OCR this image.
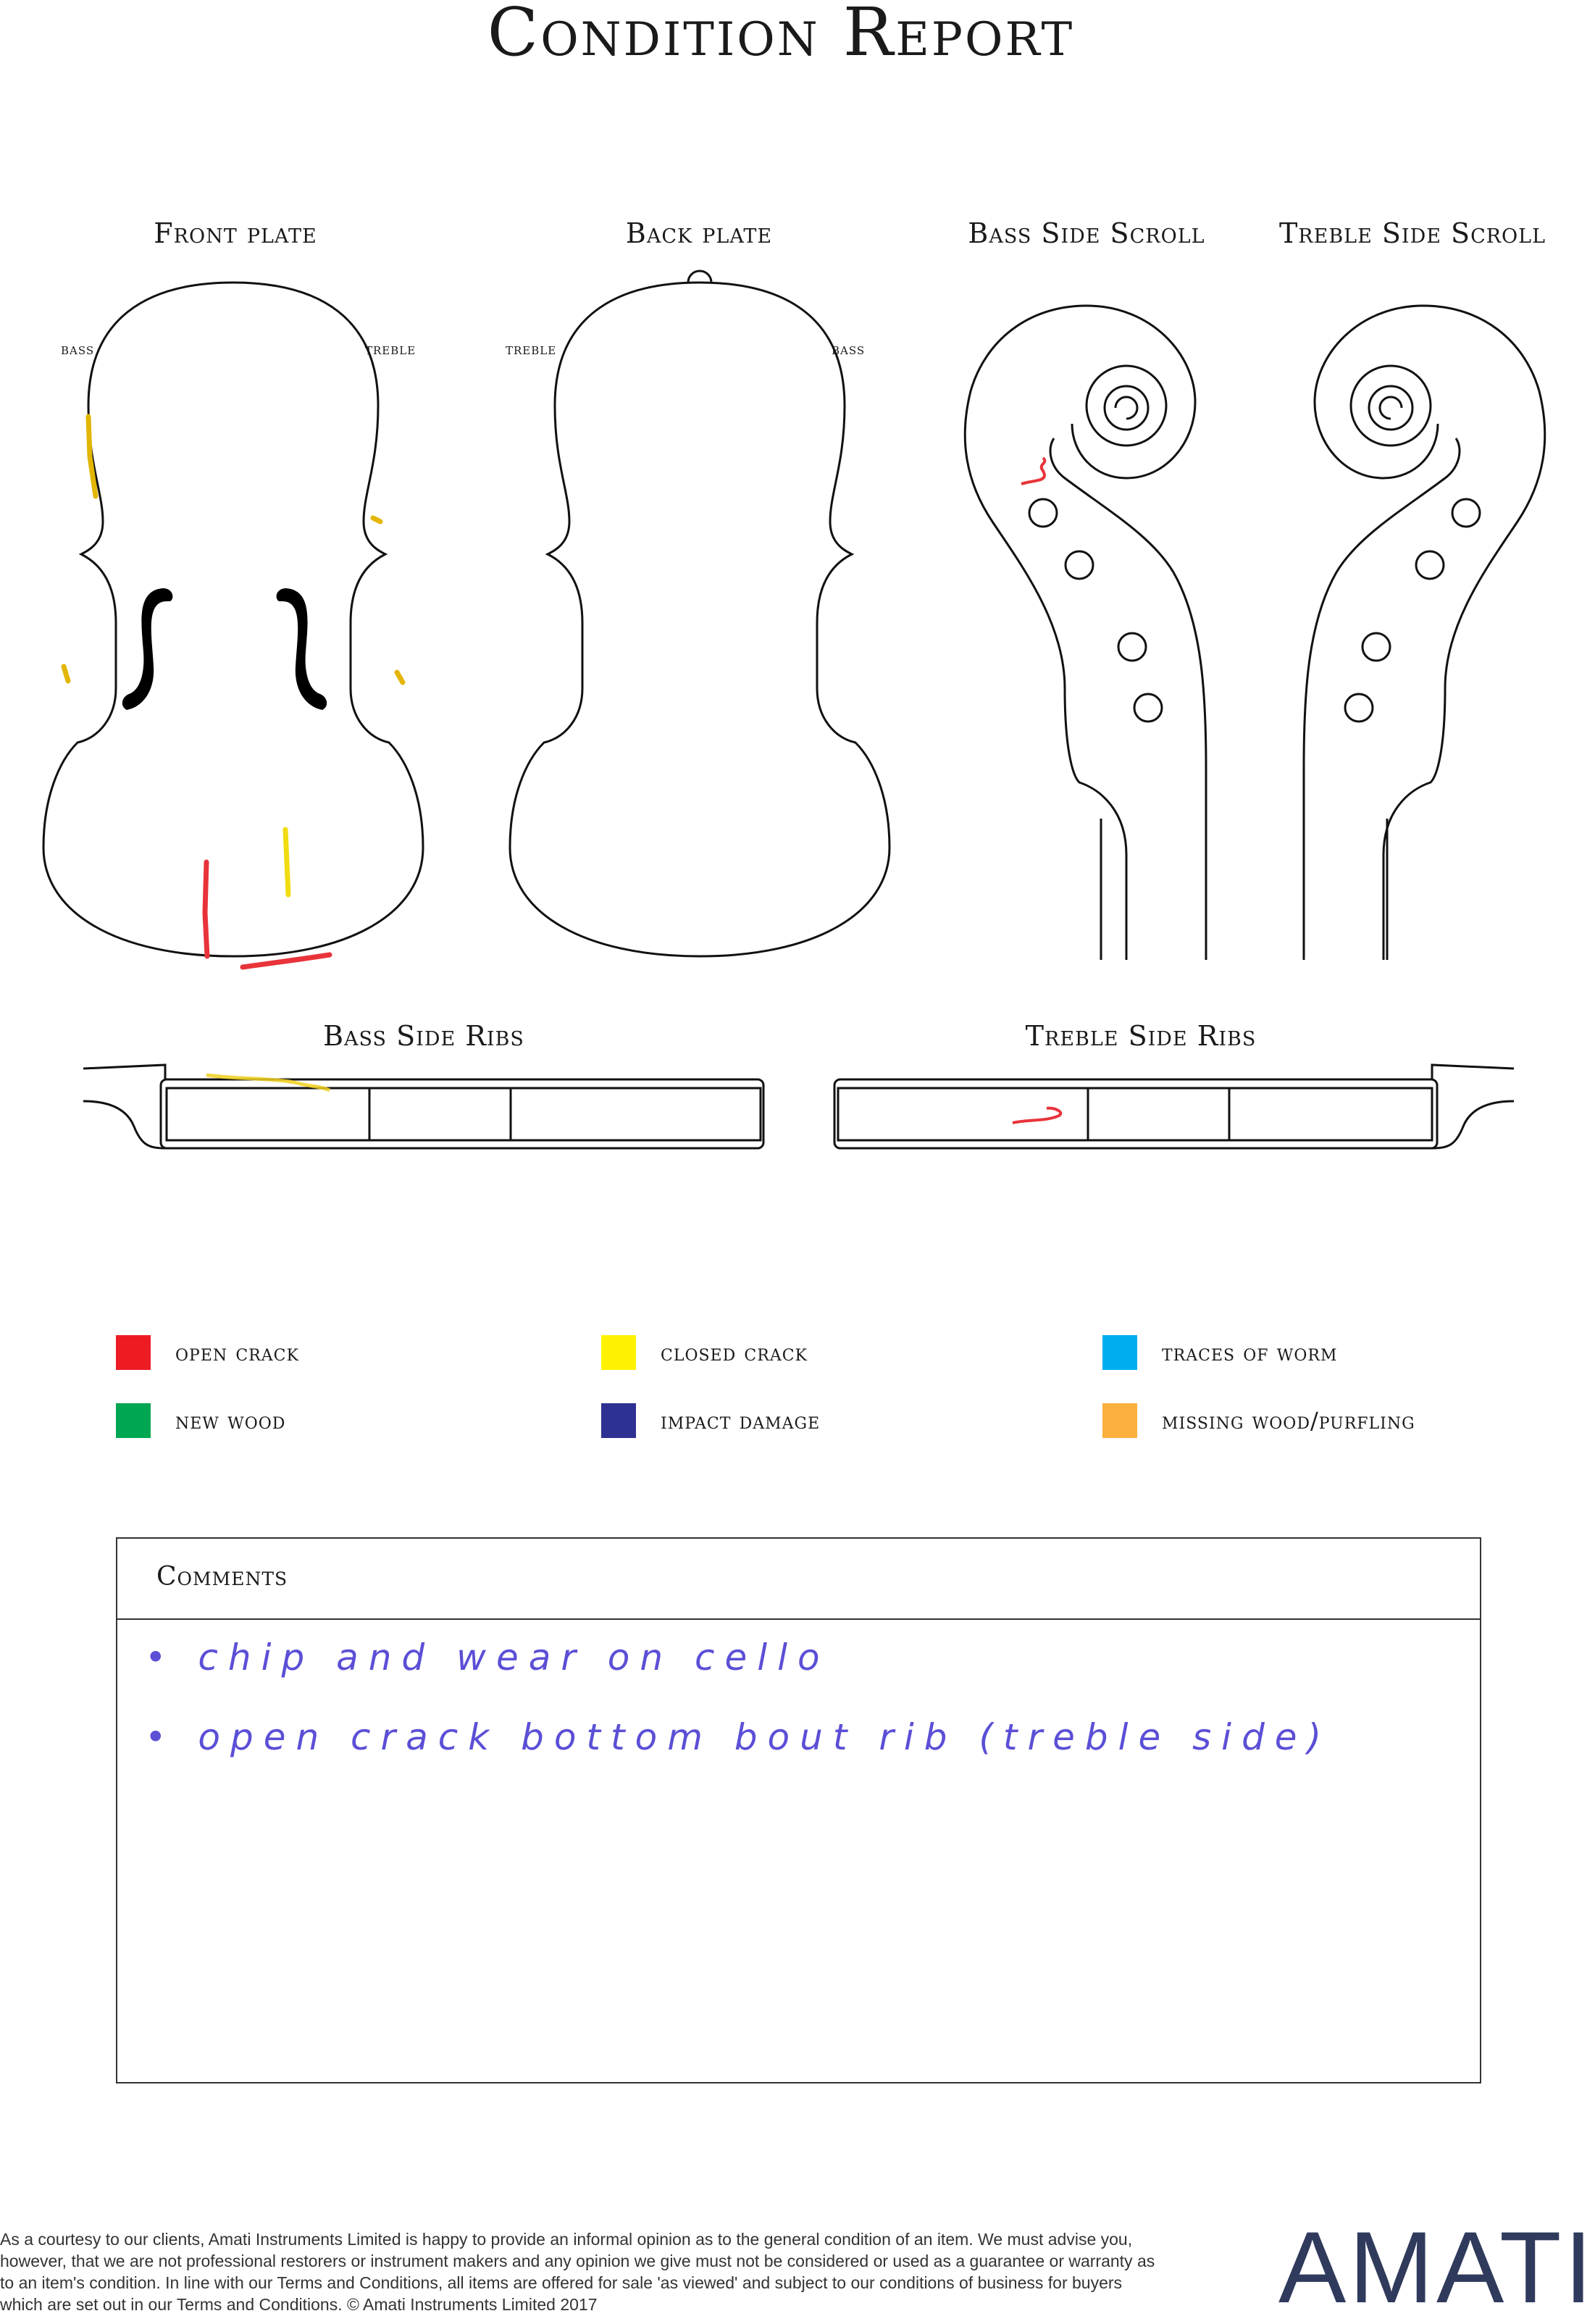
Condition Report
Front plate	Back plate	Bass Side Scroll	Treble Side Scroll
Bass Side Ribs	Treble Side Ribs
bass	treble	treble	bass
open crack	closed crack	traces of worm
new wood	impact damage	missing wood/purfling
Comments
• chip and wear on cello
• open crack bottom bout rib (treble side)
As a courtesy to our clients, Amati Instruments Limited is happy to provide an informal opinion as to the general condition of an item. We must advise you, however, that we are not professional restorers or instrument makers and any opinion we give must not be considered or used as a guarantee or warranty as to an item's condition. In line with our Terms and Conditions, all items are offered for sale 'as viewed' and subject to our conditions of business for buyers which are set out in our Terms and Conditions. © Amati Instruments Limited 2017	AMATI
